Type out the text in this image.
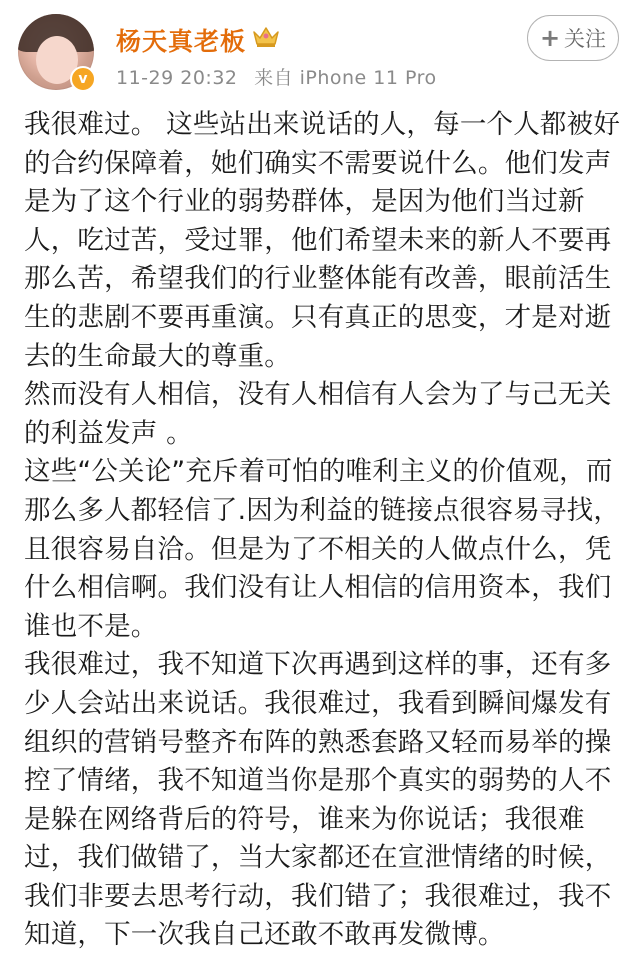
v
杨天真老板
11-29 20:32 来自 iPhone 11 Pro
+ 关注

我很难过。 这些站出来说话的人，每一个人都被好的合约保障着，她们确实不需要说什么。他们发声是为了这个行业的弱势群体，是因为他们当过新人，吃过苦，受过罪，他们希望未来的新人不要再那么苦，希望我们的行业整体能有改善，眼前活生生的悲剧不要再重演。只有真正的思变，才是对逝去的生命最大的尊重。

然而没有人相信，没有人相信有人会为了与己无关的利益发声 。

这些“公关论”充斥着可怕的唯利主义的价值观，而那么多人都轻信了.因为利益的链接点很容易寻找，且很容易自洽。但是为了不相关的人做点什么，凭什么相信啊。我们没有让人相信的信用资本，我们谁也不是。

我很难过，我不知道下次再遇到这样的事，还有多少人会站出来说话。我很难过，我看到瞬间爆发有组织的营销号整齐布阵的熟悉套路又轻而易举的操控了情绪，我不知道当你是那个真实的弱势的人不是躲在网络背后的符号，谁来为你说话；我很难过，我们做错了，当大家都还在宣泄情绪的时候，我们非要去思考行动，我们错了；我很难过，我不知道，下一次我自己还敢不敢再发微博。
